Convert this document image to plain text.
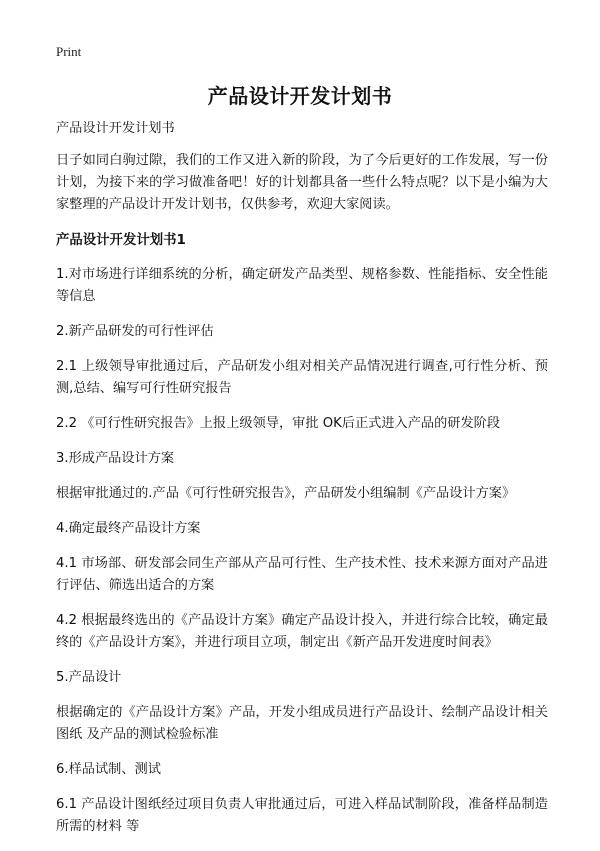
Print
产品设计开发计划书

产品设计开发计划书

日子如同白驹过隙，我们的工作又进入新的阶段，为了今后更好的工作发展，写一份计划，为接下来的学习做准备吧！好的计划都具备一些什么特点呢？以下是小编为大家整理的产品设计开发计划书，仅供参考，欢迎大家阅读。

产品设计开发计划书1

1.对市场进行详细系统的分析，确定研发产品类型、规格参数、性能指标、安全性能等信息

2.新产品研发的可行性评估

2.1 上级领导审批通过后，产品研发小组对相关产品情况进行调查,可行性分析、预测,总结、编写可行性研究报告

2.2 《可行性研究报告》上报上级领导，审批 OK后正式进入产品的研发阶段

3.形成产品设计方案

根据审批通过的.产品《可行性研究报告》，产品研发小组编制《产品设计方案》

4.确定最终产品设计方案

4.1 市场部、研发部会同生产部从产品可行性、生产技术性、技术来源方面对产品进行评估、筛选出适合的方案

4.2 根据最终选出的《产品设计方案》确定产品设计投入，并进行综合比较，确定最终的《产品设计方案》，并进行项目立项，制定出《新产品开发进度时间表》

5.产品设计

根据确定的《产品设计方案》产品，开发小组成员进行产品设计、绘制产品设计相关图纸 及产品的测试检验标准

6.样品试制、测试

6.1 产品设计图纸经过项目负责人审批通过后，可进入样品试制阶段，准备样品制造所需的材料 等
